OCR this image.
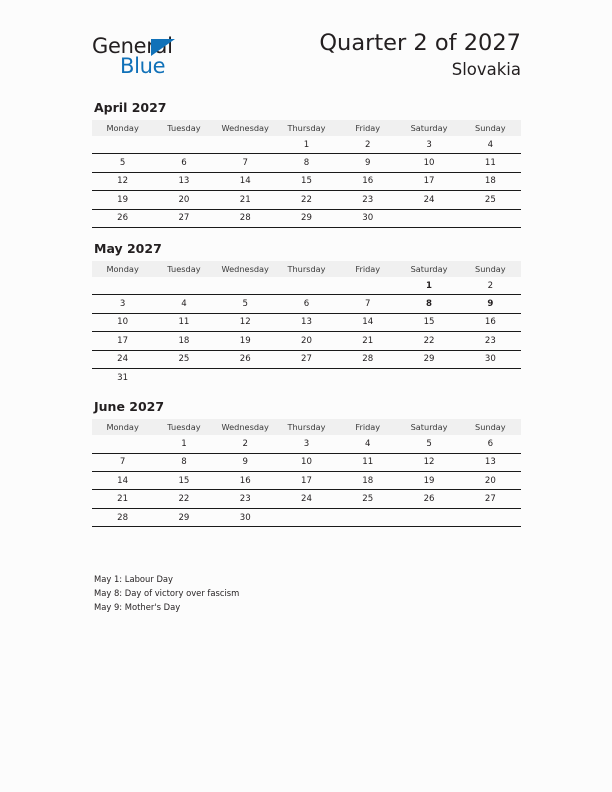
General
Blue
Quarter 2 of 2027
Slovakia
April 2027
Monday	Tuesday	Wednesday	Thursday	Friday	Saturday	Sunday
			1	2	3	4
5	6	7	8	9	10	11
12	13	14	15	16	17	18
19	20	21	22	23	24	25
26	27	28	29	30		
May 2027
Monday	Tuesday	Wednesday	Thursday	Friday	Saturday	Sunday
					1	2
3	4	5	6	7	8	9
10	11	12	13	14	15	16
17	18	19	20	21	22	23
24	25	26	27	28	29	30
31						
June 2027
Monday	Tuesday	Wednesday	Thursday	Friday	Saturday	Sunday
	1	2	3	4	5	6
7	8	9	10	11	12	13
14	15	16	17	18	19	20
21	22	23	24	25	26	27
28	29	30				
May 1: Labour Day
May 8: Day of victory over fascism
May 9: Mother's Day
